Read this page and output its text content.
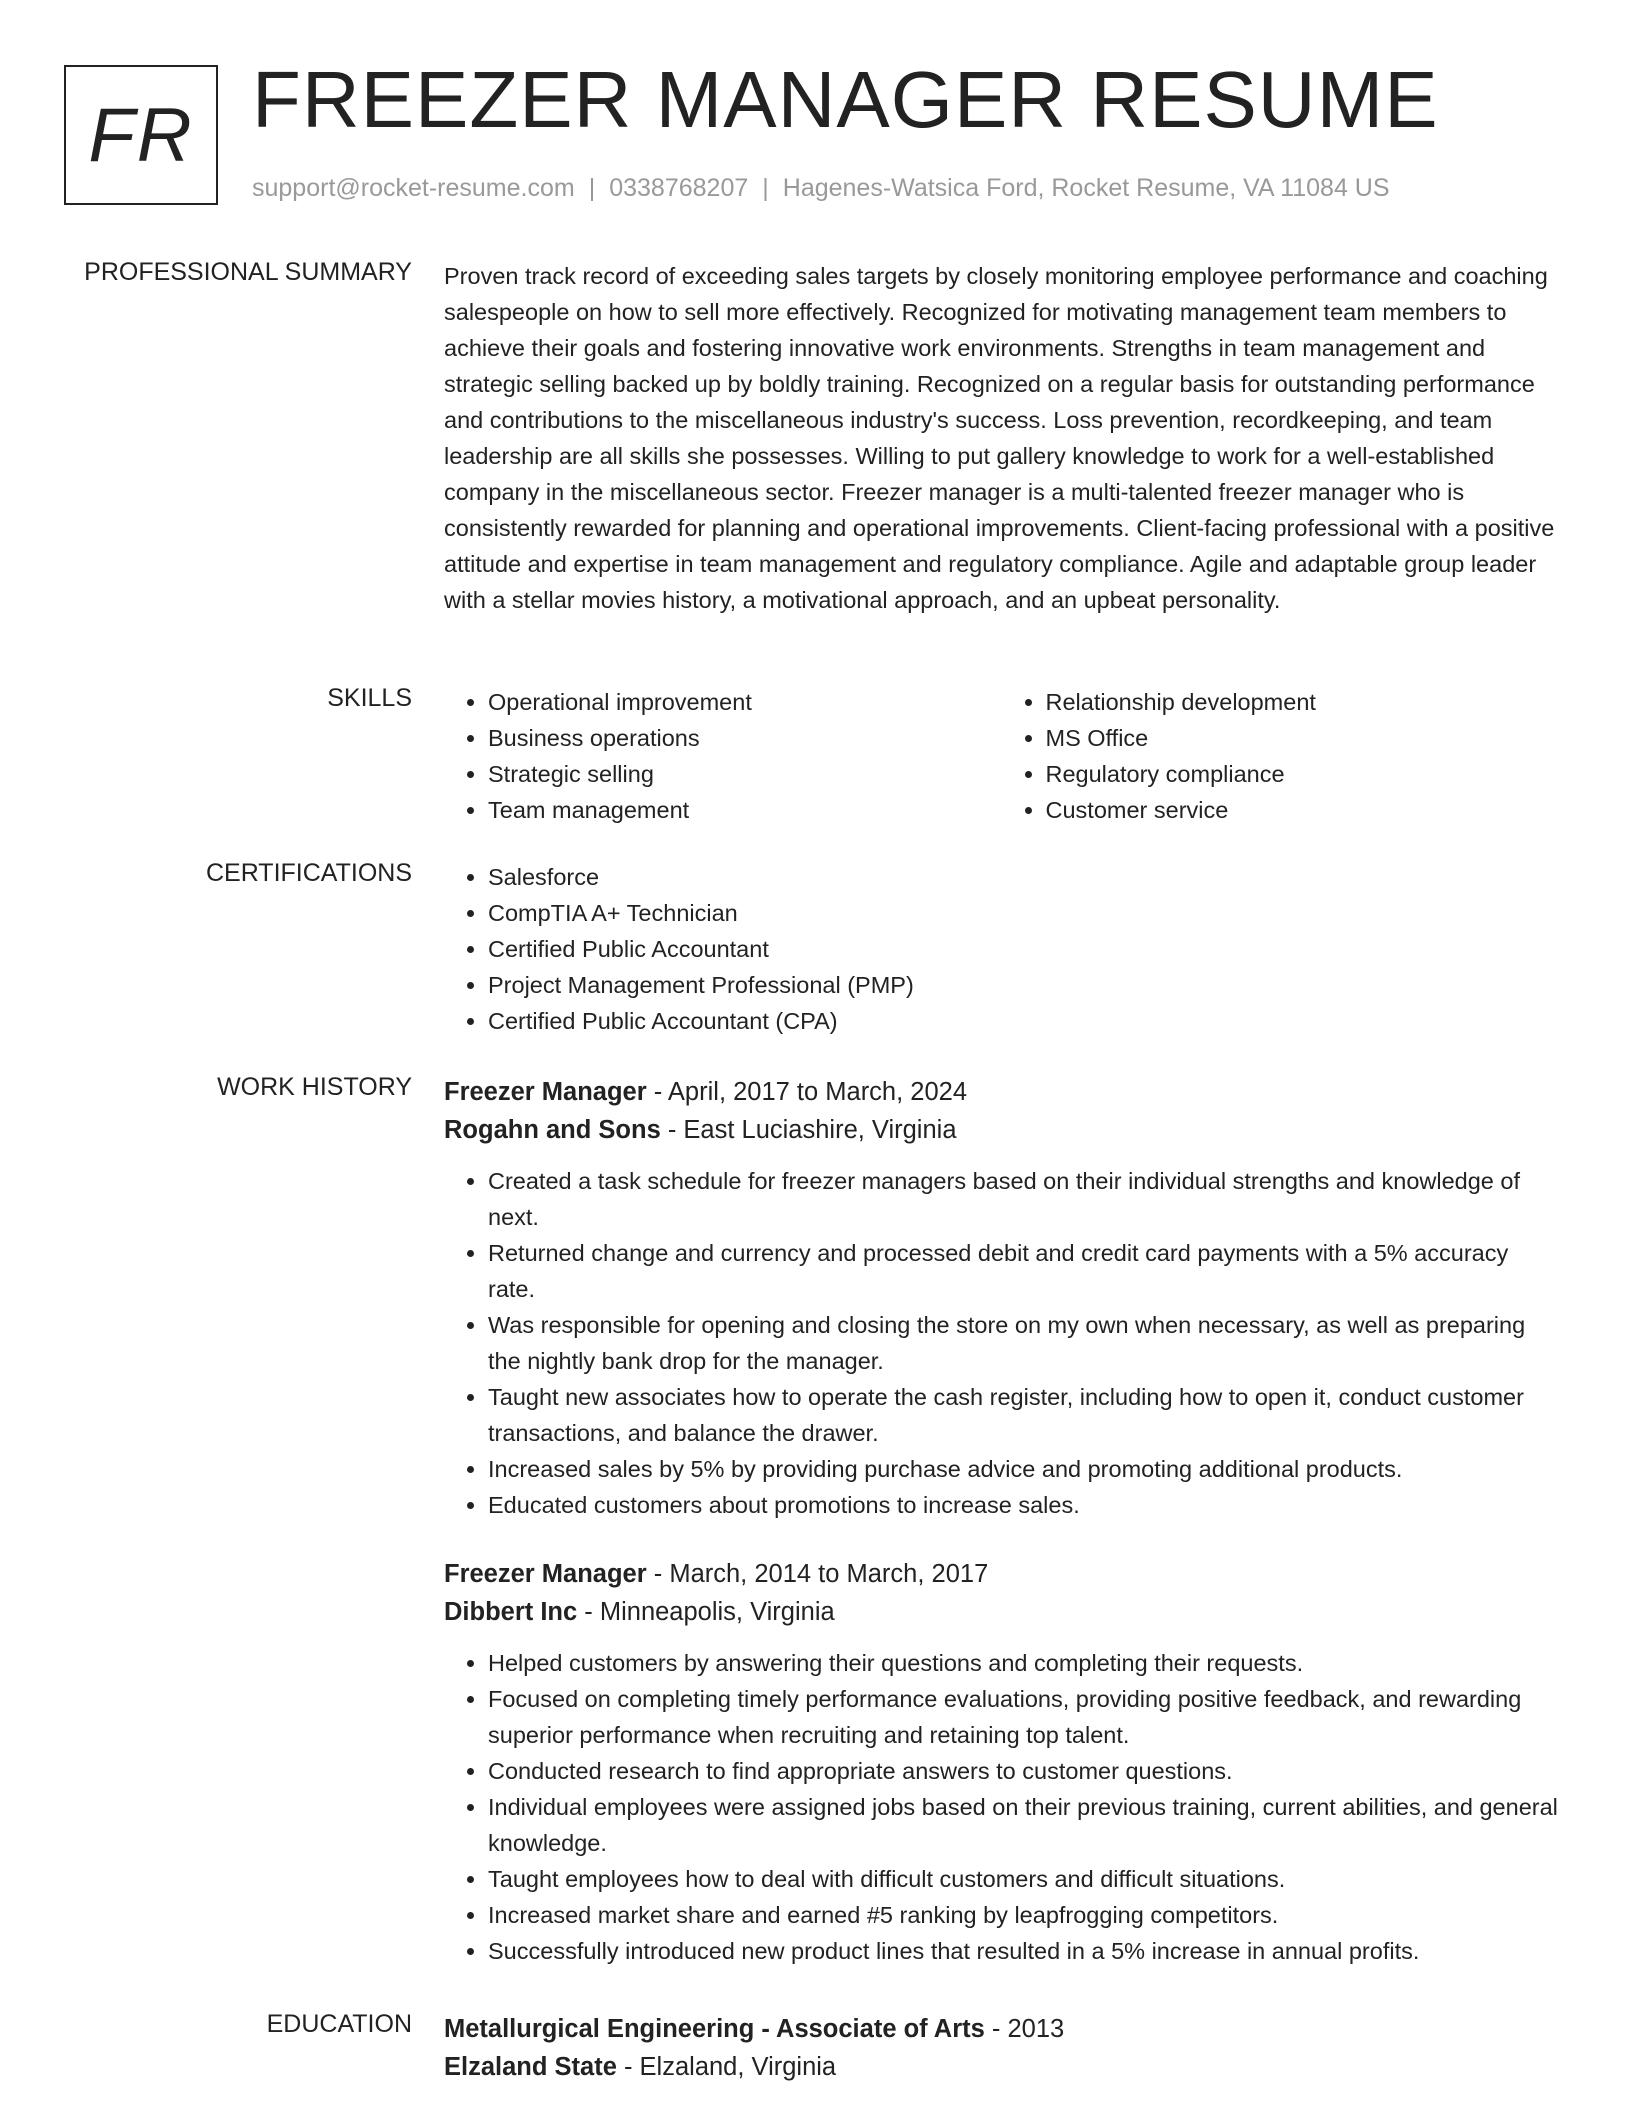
FR FREEZER MANAGER RESUME
support@rocket-resume.com | 0338768207 | Hagenes-Watsica Ford, Rocket Resume, VA 11084 US
PROFESSIONAL SUMMARY Proven track record of exceeding sales targets by closely monitoring employee performance and coaching salespeople on how to sell more effectively. Recognized for motivating management team members to achieve their goals and fostering innovative work environments. Strengths in team management and strategic selling backed up by boldly training. Recognized on a regular basis for outstanding performance and contributions to the miscellaneous industry's success. Loss prevention, recordkeeping, and team leadership are all skills she possesses. Willing to put gallery knowledge to work for a well-established company in the miscellaneous sector. Freezer manager is a multi-talented freezer manager who is consistently rewarded for planning and operational improvements. Client-facing professional with a positive attitude and expertise in team management and regulatory compliance. Agile and adaptable group leader with a stellar movies history, a motivational approach, and an upbeat personality.
SKILLS	• Operational improvement
• Business operations
• Strategic selling
• Team management
• Relationship development
• MS Office
• Regulatory compliance
• Customer service
CERTIFICATIONS	• Salesforce
• CompTIA A+ Technician
• Certified Public Accountant
• Project Management Professional (PMP)
• Certified Public Accountant (CPA)
WORK HISTORY Freezer Manager - April, 2017 to March, 2024
Rogahn and Sons - East Luciashire, Virginia
• Created a task schedule for freezer managers based on their individual strengths and knowledge of next.
• Returned change and currency and processed debit and credit card payments with a 5% accuracy rate.
• Was responsible for opening and closing the store on my own when necessary, as well as preparing the nightly bank drop for the manager.
• Taught new associates how to operate the cash register, including how to open it, conduct customer transactions, and balance the drawer.
• Increased sales by 5% by providing purchase advice and promoting additional products.
• Educated customers about promotions to increase sales.
Freezer Manager - March, 2014 to March, 2017
Dibbert Inc - Minneapolis, Virginia
• Helped customers by answering their questions and completing their requests.
• Focused on completing timely performance evaluations, providing positive feedback, and rewarding superior performance when recruiting and retaining top talent.
• Conducted research to find appropriate answers to customer questions.
• Individual employees were assigned jobs based on their previous training, current abilities, and general knowledge.
• Taught employees how to deal with difficult customers and difficult situations.
• Increased market share and earned #5 ranking by leapfrogging competitors.
• Successfully introduced new product lines that resulted in a 5% increase in annual profits.
EDUCATION Metallurgical Engineering - Associate of Arts - 2013
Elzaland State - Elzaland, Virginia
